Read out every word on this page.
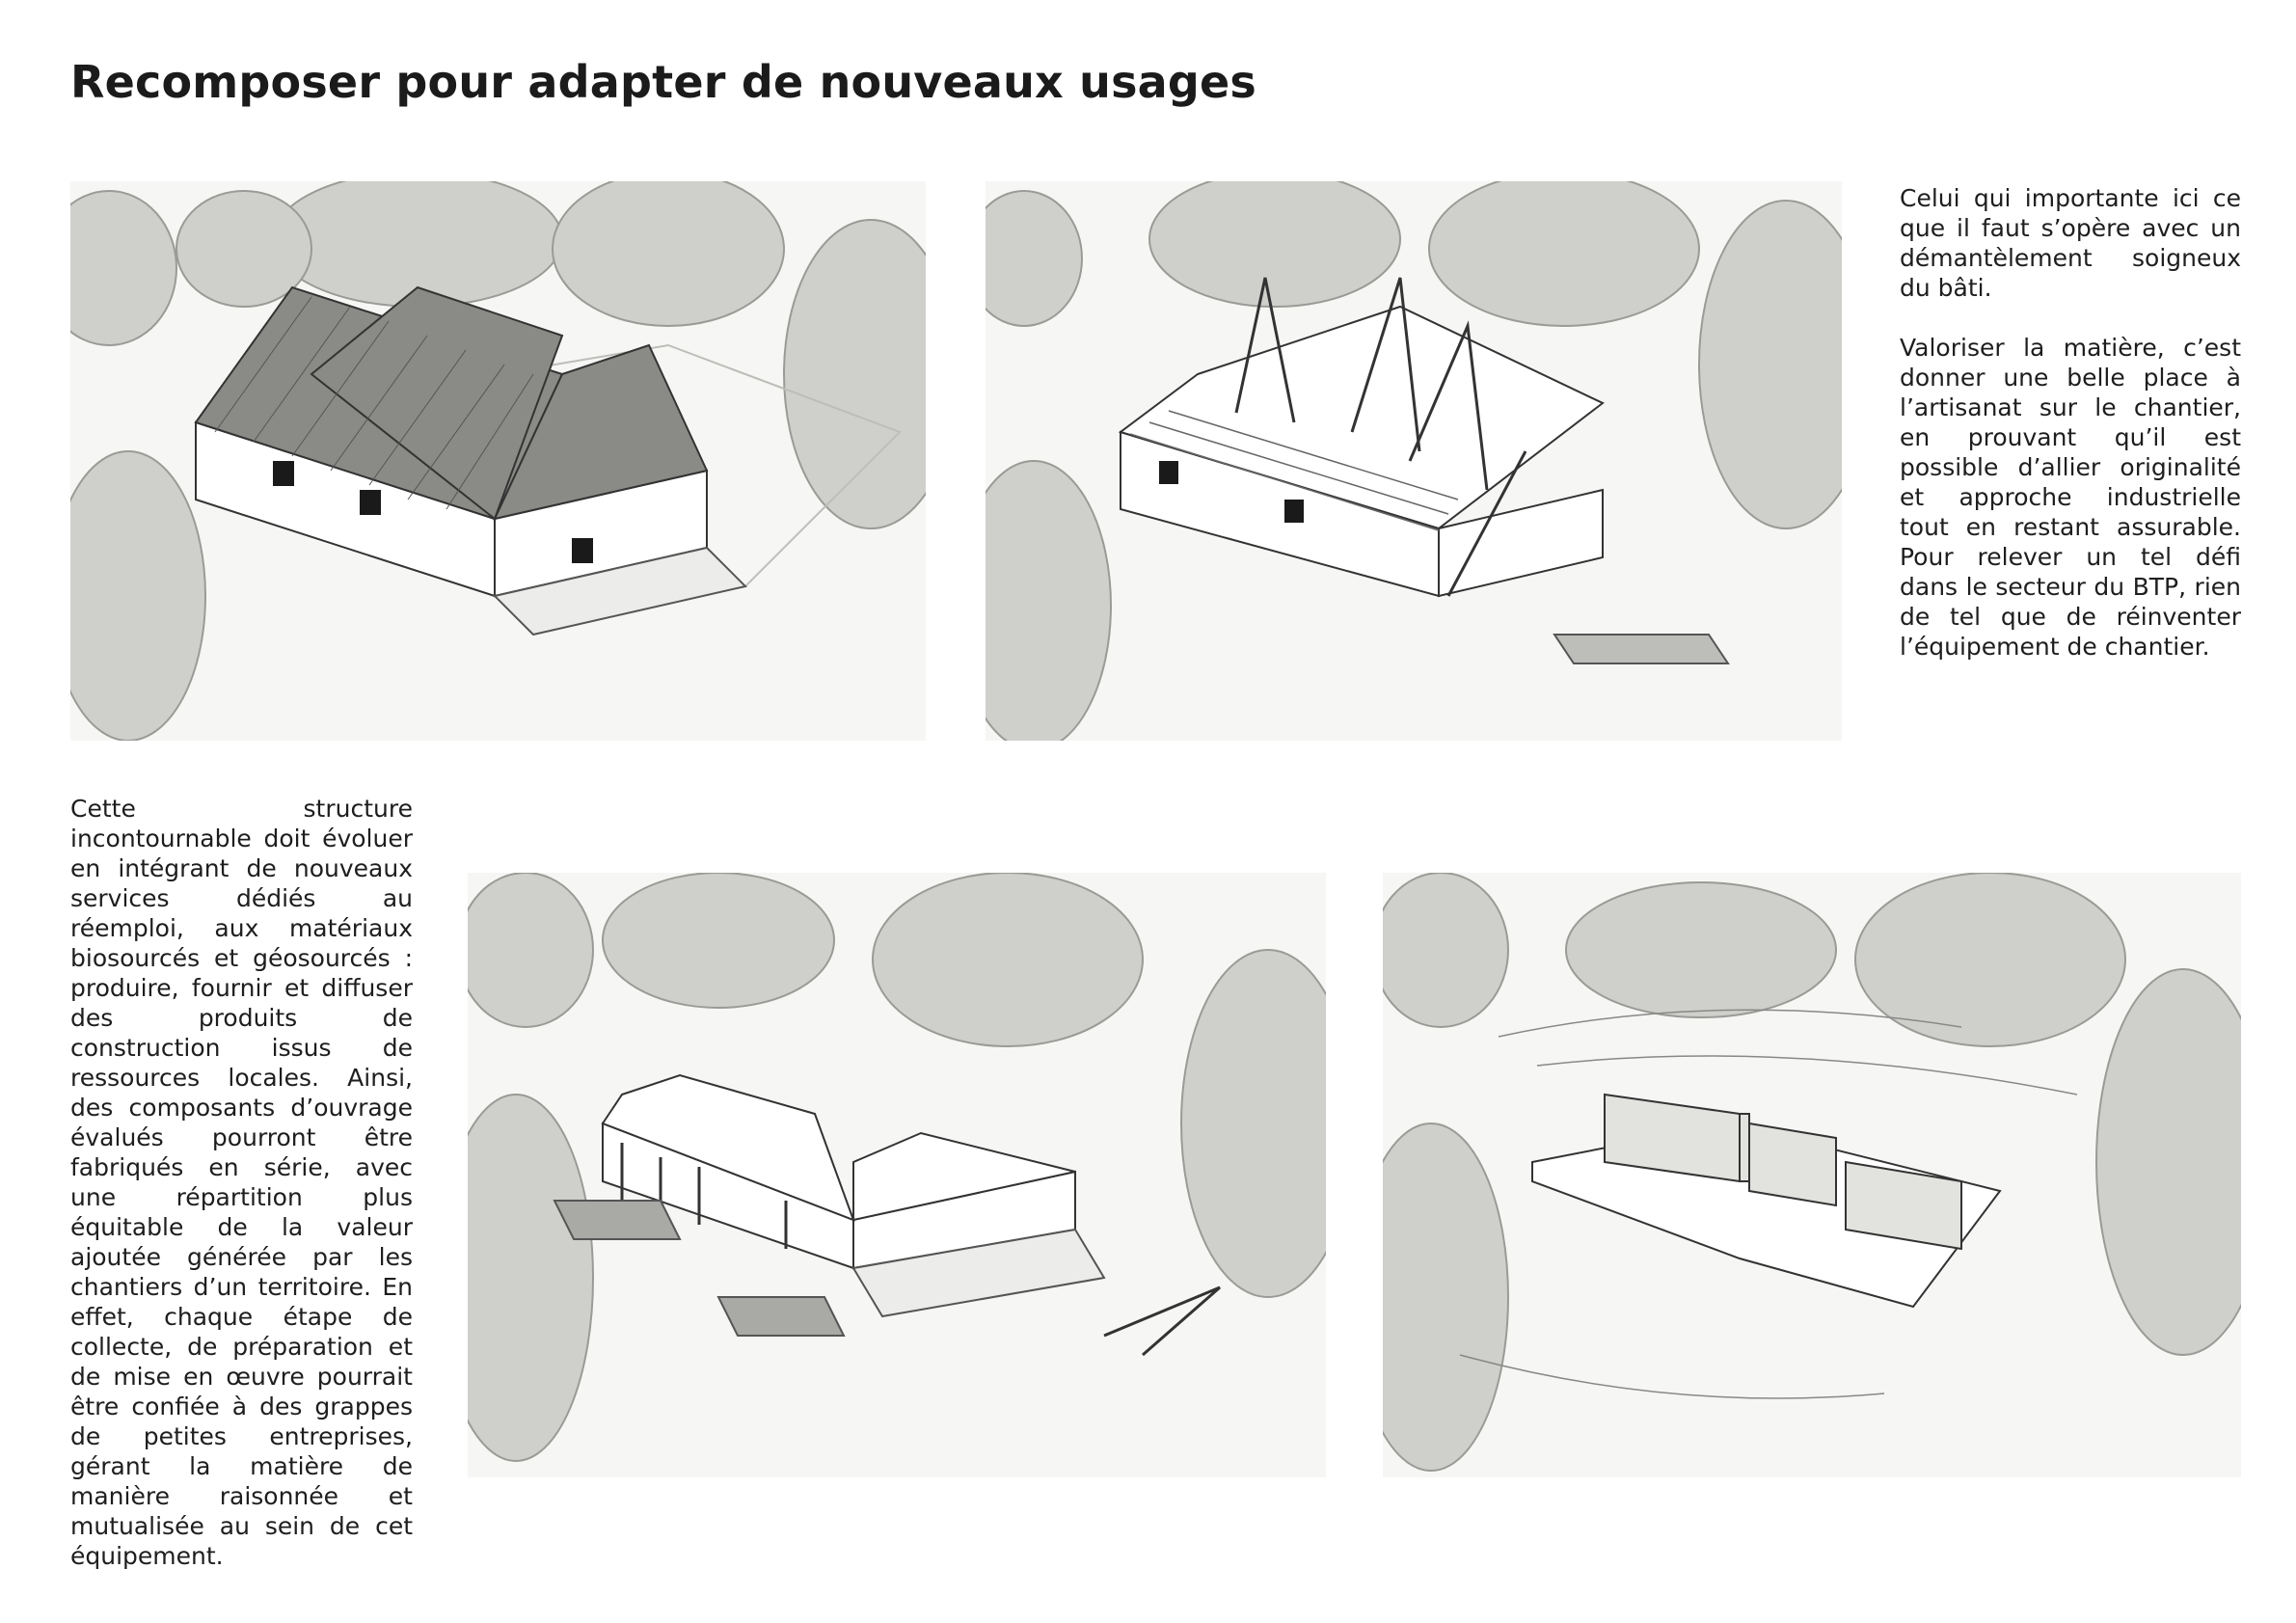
Recomposer pour adapter de nouveaux usages

Celui qui importante ici ce que il faut s’opère avec un démantèlement soigneux du bâti.

Valoriser la matière, c’est donner une belle place à l’artisanat sur le chantier, en prouvant qu’il est possible d’allier originalité et approche industrielle tout en restant assurable. Pour relever un tel défi dans le secteur du BTP, rien de tel que de réinventer l’équipement de chantier.

Cette structure incontournable doit évoluer en intégrant de nouveaux services dédiés au réemploi, aux matériaux biosourcés et géosourcés : produire, fournir et diffuser des produits de construction issus de ressources locales. Ainsi, des composants d’ouvrage évalués pourront être fabriqués en série, avec une répartition plus équitable de la valeur ajoutée générée par les chantiers d’un territoire. En effet, chaque étape de collecte, de préparation et de mise en œuvre pourrait être confiée à des grappes de petites entreprises, gérant la matière de manière raisonnée et mutualisée au sein de cet équipement.
